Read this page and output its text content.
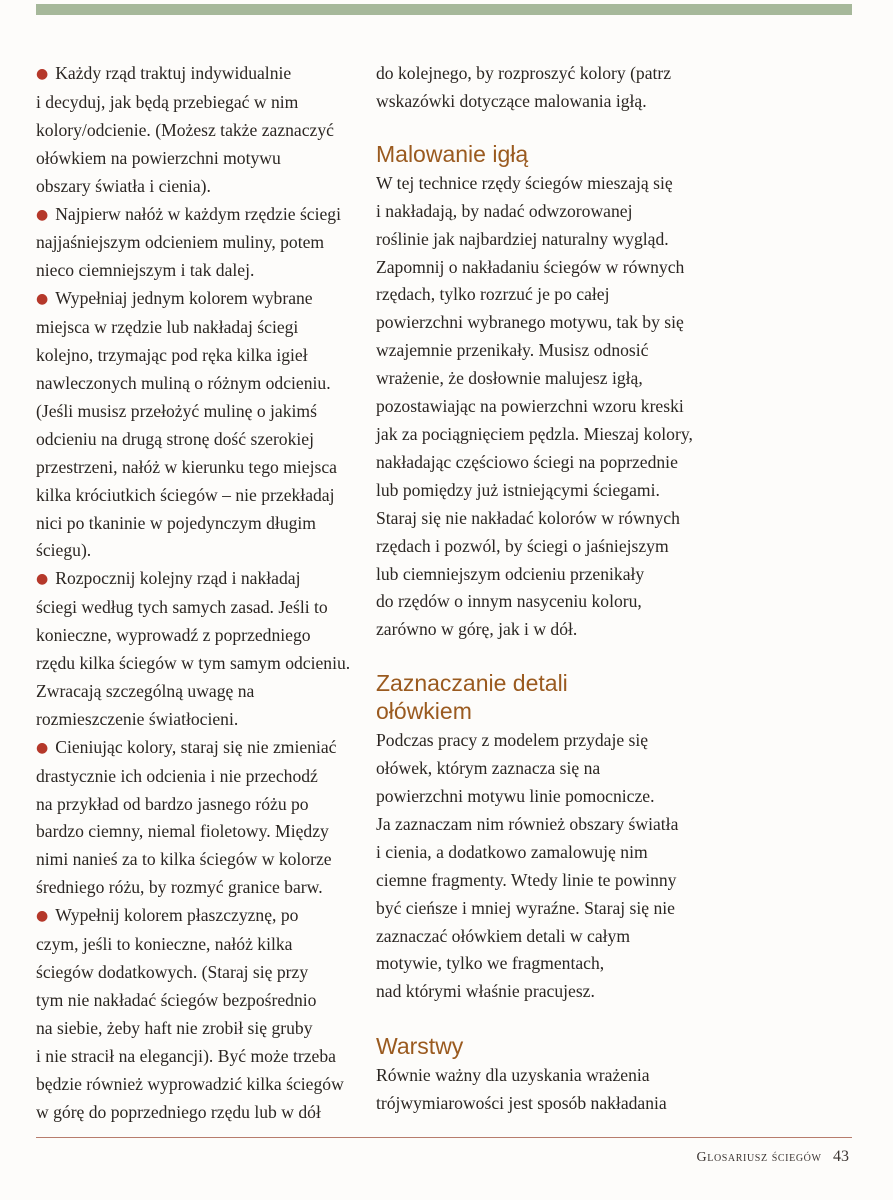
● Każdy rząd traktuj indywidualnie
i decyduj, jak będą przebiegać w nim
kolory/odcienie. (Możesz także zaznaczyć
ołówkiem na powierzchni motywu
obszary światła i cienia).
● Najpierw nałóż w każdym rzędzie ściegi
najjaśniejszym odcieniem muliny, potem
nieco ciemniejszym i tak dalej.
● Wypełniaj jednym kolorem wybrane
miejsca w rzędzie lub nakładaj ściegi
kolejno, trzymając pod ręka kilka igieł
nawleczonych muliną o różnym odcieniu.
(Jeśli musisz przełożyć mulinę o jakimś
odcieniu na drugą stronę dość szerokiej
przestrzeni, nałóż w kierunku tego miejsca
kilka króciutkich ściegów – nie przekładaj
nici po tkaninie w pojedynczym długim
ściegu).
● Rozpocznij kolejny rząd i nakładaj
ściegi według tych samych zasad. Jeśli to
konieczne, wyprowadź z poprzedniego
rzędu kilka ściegów w tym samym odcieniu.
Zwracają szczególną uwagę na
rozmieszczenie światłocieni.
● Cieniując kolory, staraj się nie zmieniać
drastycznie ich odcienia i nie przechodź
na przykład od bardzo jasnego różu po
bardzo ciemny, niemal fioletowy. Między
nimi nanieś za to kilka ściegów w kolorze
średniego różu, by rozmyć granice barw.
● Wypełnij kolorem płaszczyznę, po
czym, jeśli to konieczne, nałóż kilka
ściegów dodatkowych. (Staraj się przy
tym nie nakładać ściegów bezpośrednio
na siebie, żeby haft nie zrobił się gruby
i nie stracił na elegancji). Być może trzeba
będzie również wyprowadzić kilka ściegów
w górę do poprzedniego rzędu lub w dół
do kolejnego, by rozproszyć kolory (patrz
wskazówki dotyczące malowania igłą.
Malowanie igłą
W tej technice rzędy ściegów mieszają się
i nakładają, by nadać odwzorowanej
roślinie jak najbardziej naturalny wygląd.
Zapomnij o nakładaniu ściegów w równych
rzędach, tylko rozrzuć je po całej
powierzchni wybranego motywu, tak by się
wzajemnie przenikały. Musisz odnosić
wrażenie, że dosłownie malujesz igłą,
pozostawiając na powierzchni wzoru kreski
jak za pociągnięciem pędzla. Mieszaj kolory,
nakładając częściowo ściegi na poprzednie
lub pomiędzy już istniejącymi ściegami.
Staraj się nie nakładać kolorów w równych
rzędach i pozwól, by ściegi o jaśniejszym
lub ciemniejszym odcieniu przenikały
do rzędów o innym nasyceniu koloru,
zarówno w górę, jak i w dół.
Zaznaczanie detali
ołówkiem
Podczas pracy z modelem przydaje się
ołówek, którym zaznacza się na
powierzchni motywu linie pomocnicze.
Ja zaznaczam nim również obszary światła
i cienia, a dodatkowo zamalowuję nim
ciemne fragmenty. Wtedy linie te powinny
być cieńsze i mniej wyraźne. Staraj się nie
zaznaczać ołówkiem detali w całym
motywie, tylko we fragmentach,
nad którymi właśnie pracujesz.
Warstwy
Równie ważny dla uzyskania wrażenia
trójwymiarowości jest sposób nakładania
Glosariusz ściegów 43
